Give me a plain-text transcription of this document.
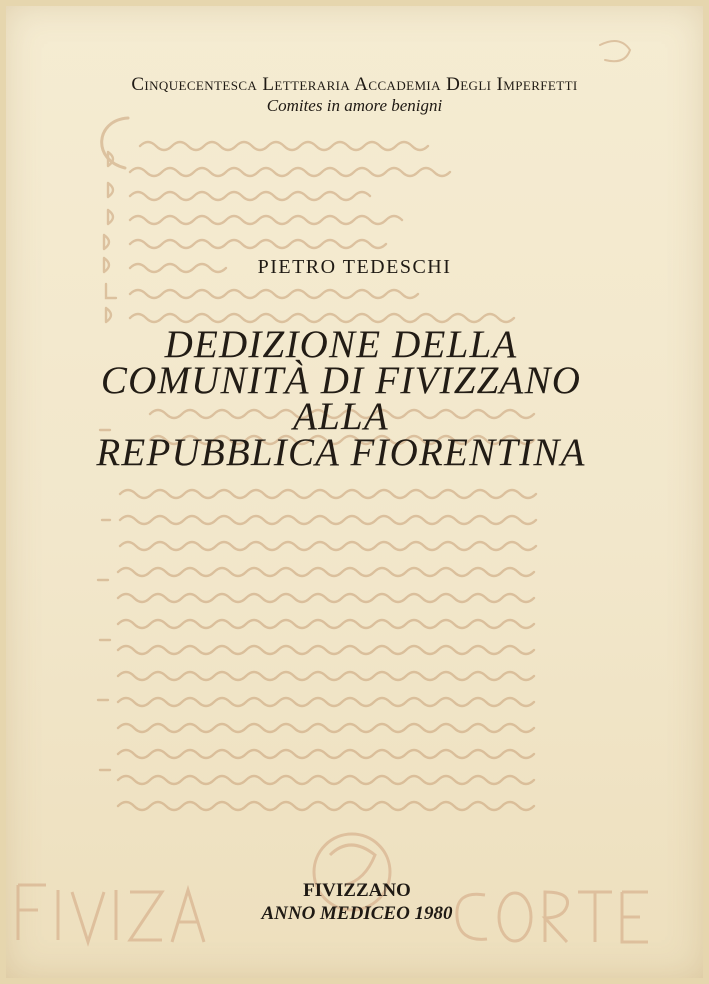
Cinquecentesca Letteraria Accademia Degli Imperfetti
Comites in amore benigni
PIETRO TEDESCHI
DEDIZIONE DELLA
COMUNITÀ DI FIVIZZANO
ALLA
REPUBBLICA FIORENTINA
FIVIZZANO
ANNO MEDICEO 1980
